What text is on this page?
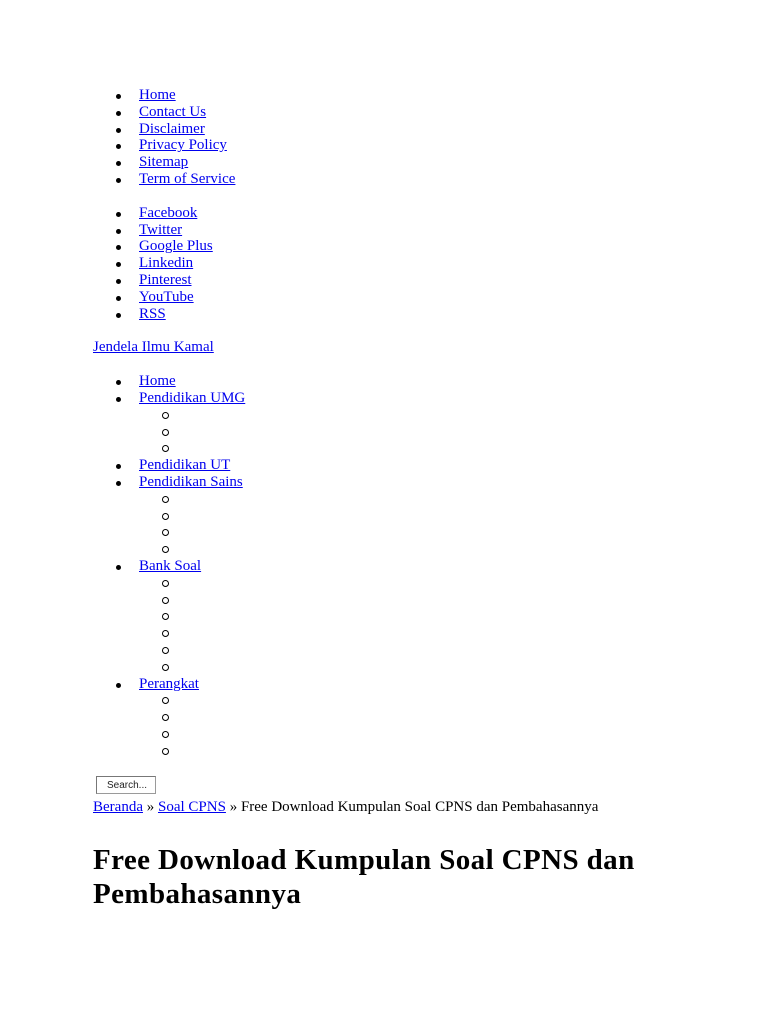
Home
Contact Us
Disclaimer
Privacy Policy
Sitemap
Term of Service
Facebook
Twitter
Google Plus
Linkedin
Pinterest
YouTube
RSS
Jendela Ilmu Kamal
Home
Pendidikan UMG
Pendidikan UT
Pendidikan Sains
Bank Soal
Perangkat
Search...
Beranda » Soal CPNS » Free Download Kumpulan Soal CPNS dan Pembahasannya
Free Download Kumpulan Soal CPNS dan Pembahasannya
